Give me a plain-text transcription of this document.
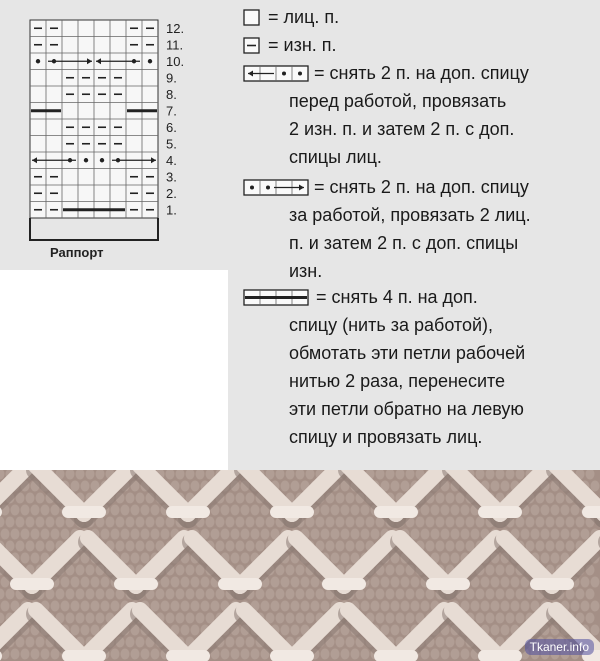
1.
2.
3.
4.
5.
6.
7.
8.
9.
10.
11.
12.
Раппорт
= лиц. п.
= изн. п.
= снять 2 п. на доп. спицу
перед работой, провязать
2 изн. п. и затем 2 п. с доп.
спицы лиц.
= снять 2 п. на доп. спицу
за работой, провязать 2 лиц.
п. и затем 2 п. с доп. спицы
изн.
= снять 4 п. на доп.
спицу (нить за работой),
обмотать эти петли рабочей
нитью 2 раза, перенесите
эти петли обратно на левую
спицу и провязать лиц.
Tkaner.info
